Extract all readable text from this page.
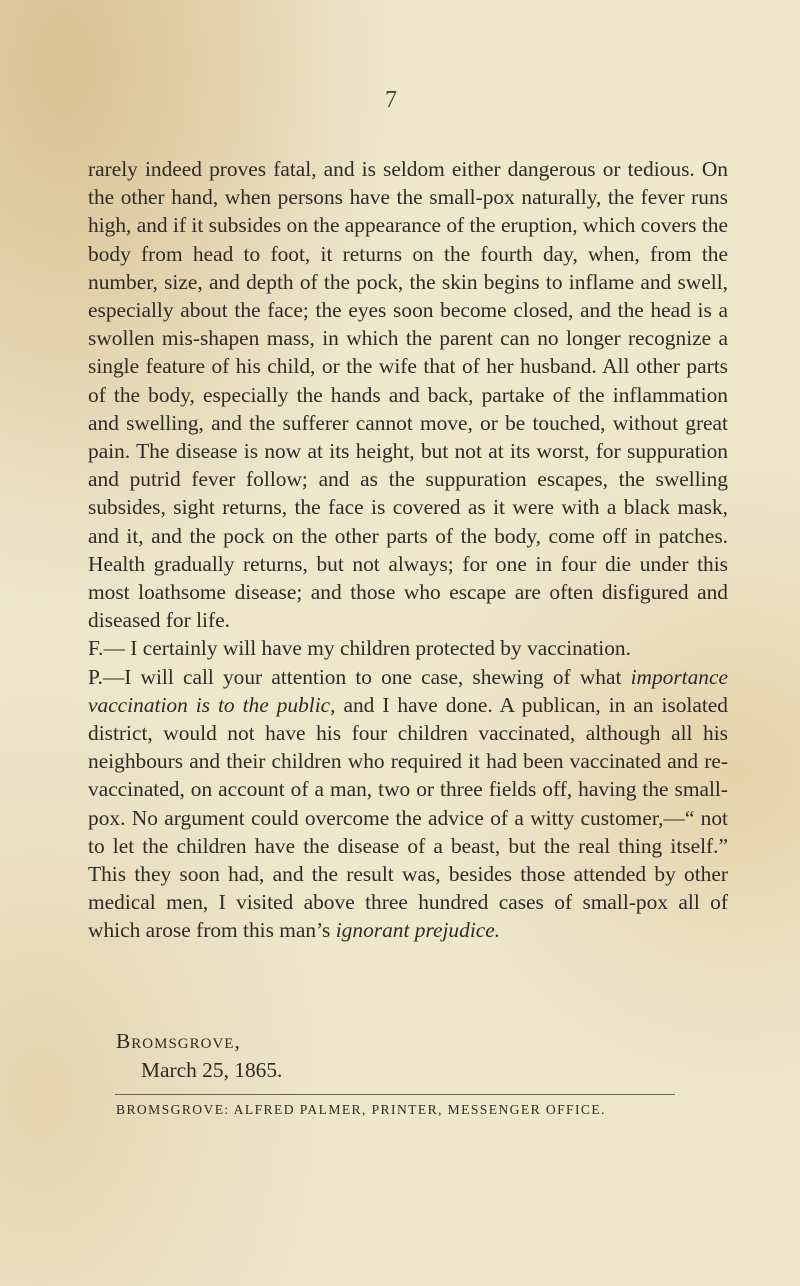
7

rarely indeed proves fatal, and is seldom either dangerous or tedious. On the other hand, when persons have the small-pox naturally, the fever runs high, and if it subsides on the appearance of the eruption, which covers the body from head to foot, it returns on the fourth day, when, from the number, size, and depth of the pock, the skin begins to inflame and swell, especially about the face; the eyes soon become closed, and the head is a swollen mis-shapen mass, in which the parent can no longer recognize a single feature of his child, or the wife that of her husband. All other parts of the body, especially the hands and back, partake of the inflammation and swelling, and the sufferer cannot move, or be touched, without great pain. The disease is now at its height, but not at its worst, for suppuration and putrid fever follow; and as the suppuration escapes, the swelling subsides, sight returns, the face is covered as it were with a black mask, and it, and the pock on the other parts of the body, come off in patches. Health gradually returns, but not always; for one in four die under this most loathsome disease; and those who escape are often disfigured and diseased for life.

F.— I certainly will have my children protected by vaccination.

P.—I will call your attention to one case, shewing of what importance vaccination is to the public, and I have done. A publican, in an isolated district, would not have his four children vaccinated, although all his neighbours and their children who required it had been vaccinated and re-vaccinated, on account of a man, two or three fields off, having the small-pox. No argument could overcome the advice of a witty customer,—“ not to let the children have the disease of a beast, but the real thing itself.” This they soon had, and the result was, besides those attended by other medical men, I visited above three hundred cases of small-pox all of which arose from this man’s ignorant prejudice.

Bromsgrove,
March 25, 1865.
BROMSGROVE: ALFRED PALMER, PRINTER, MESSENGER OFFICE.
